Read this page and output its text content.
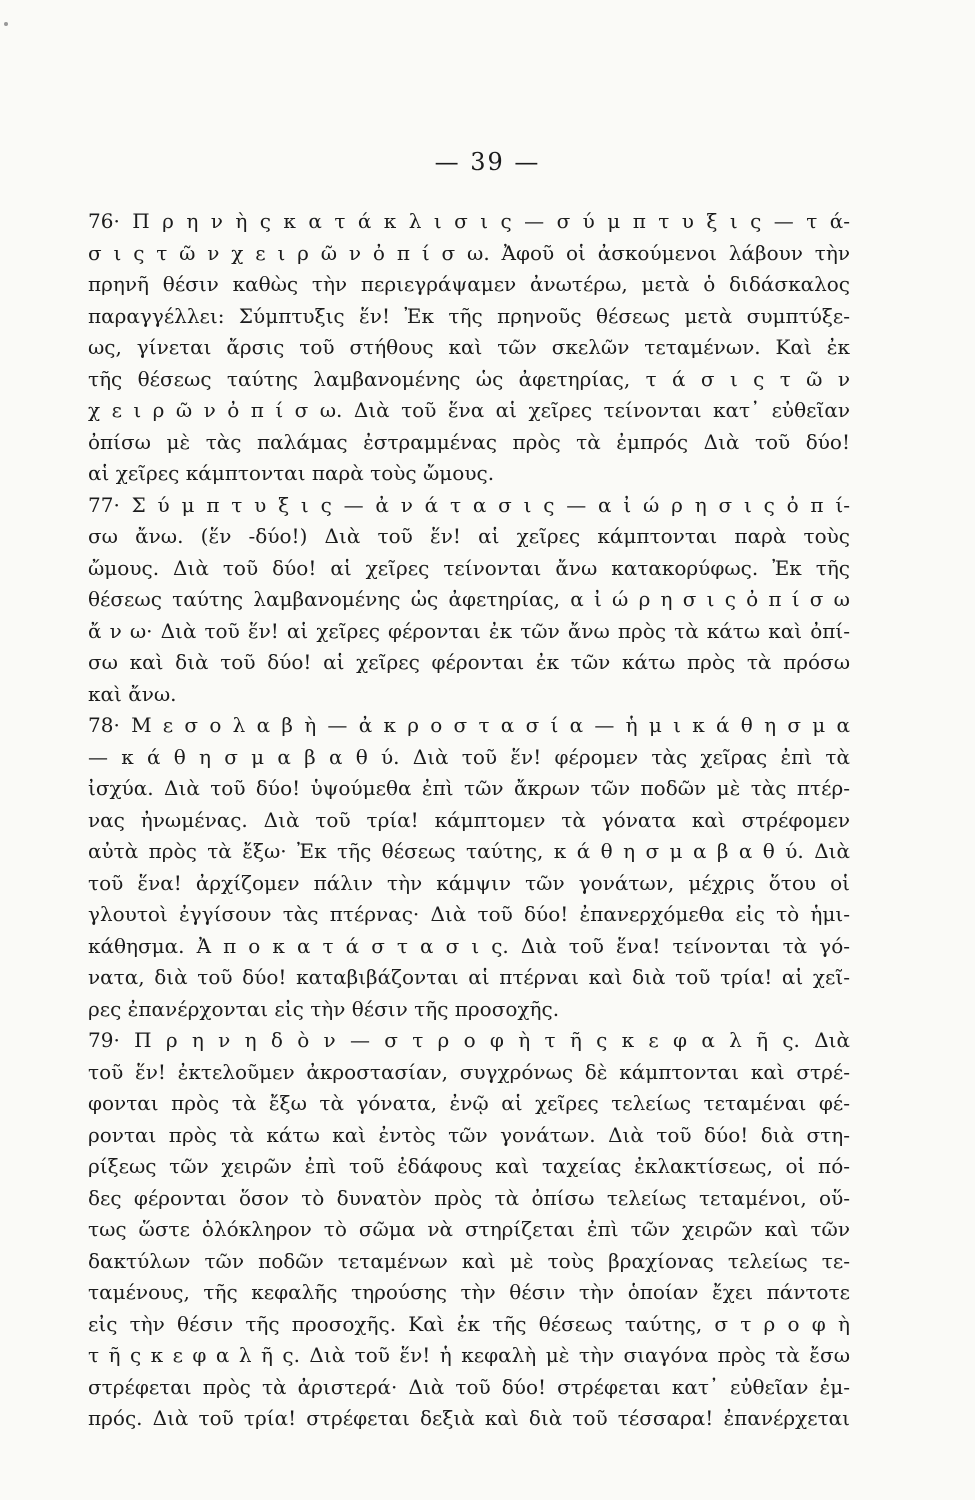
— 39 —
76· Π ρ η ν ὴ ς κ α τ ά κ λ ι σ ι ς — σ ύ μ π τ υ ξ ι ς — τ ά-
σ ι ς τ ῶ ν χ ε ι ρ ῶ ν ὀ π ί σ ω. Ἀφοῦ οἱ ἀσκούμενοι λάβουν τὴν
πρηνῆ θέσιν καθὼς τὴν περιεγράψαμεν ἀνωτέρω, μετὰ ὁ διδάσκαλος
παραγγέλλει: Σύμπτυξις ἕν! Ἐκ τῆς πρηνοῦς θέσεως μετὰ συμπτύξε-
ως, γίνεται ἄρσις τοῦ στήθους καὶ τῶν σκελῶν τεταμένων. Καὶ ἐκ
τῆς θέσεως ταύτης λαμβανομένης ὡς ἀφετηρίας, τ ά σ ι ς τ ῶ ν
χ ε ι ρ ῶ ν ὀ π ί σ ω. Διὰ τοῦ ἕνα αἱ χεῖρες τείνονται κατ᾽ εὐθεῖαν
ὀπίσω μὲ τὰς παλάμας ἐστραμμένας πρὸς τὰ ἐμπρός Διὰ τοῦ δύο!
αἱ χεῖρες κάμπτονται παρὰ τοὺς ὤμους.
77· Σ ύ μ π τ υ ξ ι ς — ἀ ν ά τ α σ ι ς — α ἰ ώ ρ η σ ι ς ὀ π ί-
σω ἄνω. (ἕν -δύο!) Διὰ τοῦ ἕν! αἱ χεῖρες κάμπτονται παρὰ τοὺς
ὤμους. Διὰ τοῦ δύο! αἱ χεῖρες τείνονται ἄνω κατακορύφως. Ἐκ τῆς
θέσεως ταύτης λαμβανομένης ὡς ἀφετηρίας, α ἰ ώ ρ η σ ι ς ὀ π ί σ ω
ἄ ν ω· Διὰ τοῦ ἕν! αἱ χεῖρες φέρονται ἐκ τῶν ἄνω πρὸς τὰ κάτω καὶ ὀπί-
σω καὶ διὰ τοῦ δύο! αἱ χεῖρες φέρονται ἐκ τῶν κάτω πρὸς τὰ πρόσω
καὶ ἄνω.
78· Μ ε σ ο λ α β ὴ — ἀ κ ρ ο σ τ α σ ί α — ἡ μ ι κ ά θ η σ μ α
— κ ά θ η σ μ α β α θ ύ. Διὰ τοῦ ἕν! φέρομεν τὰς χεῖρας ἐπὶ τὰ
ἰσχύα. Διὰ τοῦ δύο! ὑψούμεθα ἐπὶ τῶν ἄκρων τῶν ποδῶν μὲ τὰς πτέρ-
νας ἠνωμένας. Διὰ τοῦ τρία! κάμπτομεν τὰ γόνατα καὶ στρέφομεν
αὐτὰ πρὸς τὰ ἔξω· Ἐκ τῆς θέσεως ταύτης, κ ά θ η σ μ α β α θ ύ. Διὰ
τοῦ ἕνα! ἀρχίζομεν πάλιν τὴν κάμψιν τῶν γονάτων, μέχρις ὅτου οἱ
γλουτοὶ ἐγγίσουν τὰς πτέρνας· Διὰ τοῦ δύο! ἐπανερχόμεθα εἰς τὸ ἡμι-
κάθησμα. Ἀ π ο κ α τ ά σ τ α σ ι ς. Διὰ τοῦ ἕνα! τείνονται τὰ γό-
νατα, διὰ τοῦ δύο! καταβιβάζονται αἱ πτέρναι καὶ διὰ τοῦ τρία! αἱ χεῖ-
ρες ἐπανέρχονται εἰς τὴν θέσιν τῆς προσοχῆς.
79· Π ρ η ν η δ ὸ ν — σ τ ρ ο φ ὴ τ ῆ ς κ ε φ α λ ῆ ς. Διὰ
τοῦ ἕν! ἐκτελοῦμεν ἀκροστασίαν, συγχρόνως δὲ κάμπτονται καὶ στρέ-
φονται πρὸς τὰ ἔξω τὰ γόνατα, ἐνῷ αἱ χεῖρες τελείως τεταμέναι φέ-
ρονται πρὸς τὰ κάτω καὶ ἐντὸς τῶν γονάτων. Διὰ τοῦ δύο! διὰ στη-
ρίξεως τῶν χειρῶν ἐπὶ τοῦ ἐδάφους καὶ ταχείας ἐκλακτίσεως, οἱ πό-
δες φέρονται ὅσον τὸ δυνατὸν πρὸς τὰ ὀπίσω τελείως τεταμένοι, οὕ-
τως ὥστε ὁλόκληρον τὸ σῶμα νὰ στηρίζεται ἐπὶ τῶν χειρῶν καὶ τῶν
δακτύλων τῶν ποδῶν τεταμένων καὶ μὲ τοὺς βραχίονας τελείως τε-
ταμένους, τῆς κεφαλῆς τηρούσης τὴν θέσιν τὴν ὁποίαν ἔχει πάντοτε
εἰς τὴν θέσιν τῆς προσοχῆς. Καὶ ἐκ τῆς θέσεως ταύτης, σ τ ρ ο φ ὴ
τ ῆ ς κ ε φ α λ ῆ ς. Διὰ τοῦ ἕν! ἡ κεφαλὴ μὲ τὴν σιαγόνα πρὸς τὰ ἔσω
στρέφεται πρὸς τὰ ἀριστερά· Διὰ τοῦ δύο! στρέφεται κατ᾽ εὐθεῖαν ἐμ-
πρός. Διὰ τοῦ τρία! στρέφεται δεξιὰ καὶ διὰ τοῦ τέσσαρα! ἐπανέρχεται
